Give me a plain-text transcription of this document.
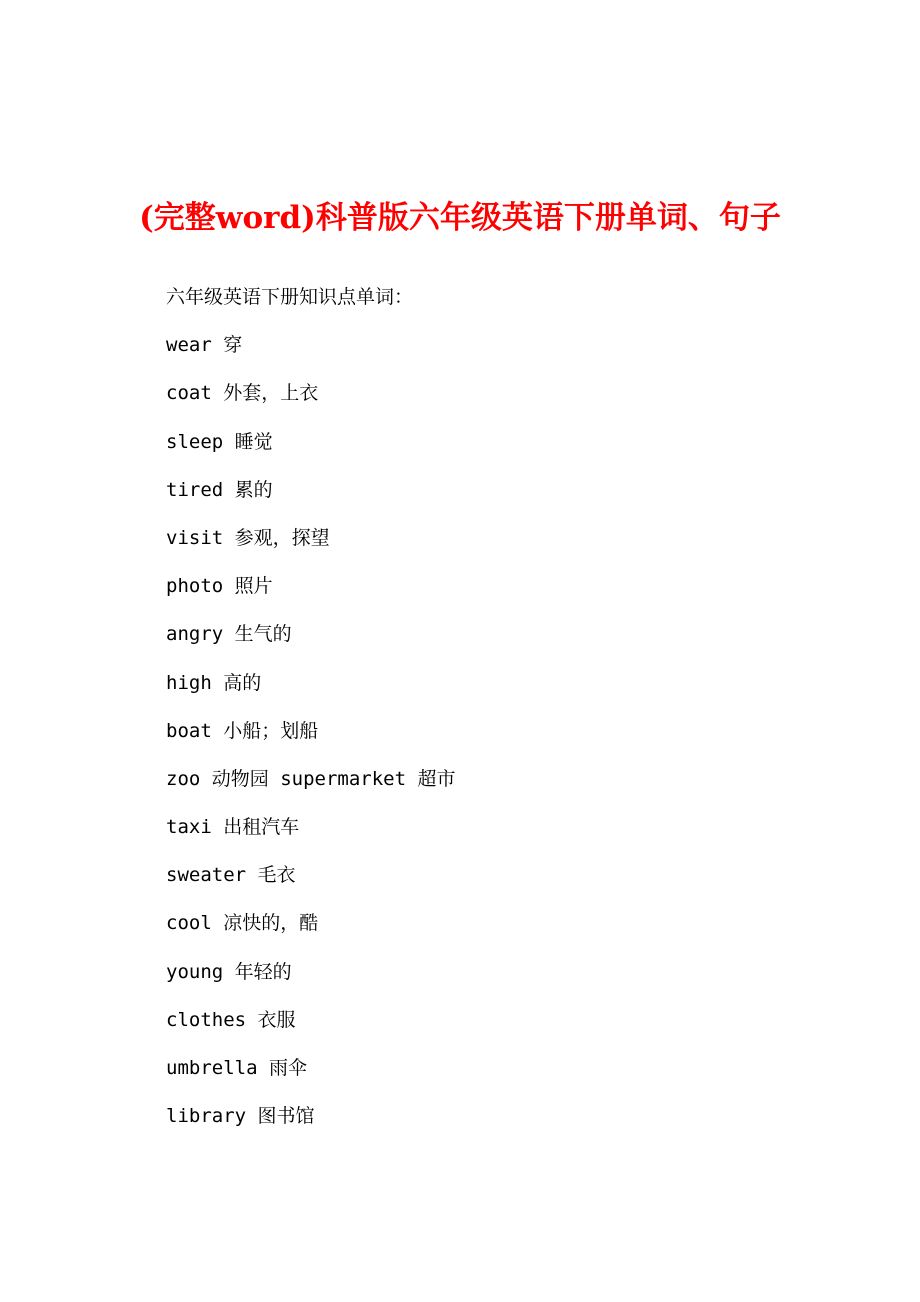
(完整word)科普版六年级英语下册单词、句子
六年级英语下册知识点单词：
wear 穿
coat 外套，上衣
sleep 睡觉
tired 累的
visit 参观，探望
photo 照片
angry 生气的
high 高的
boat 小船；划船
zoo 动物园 supermarket 超市
taxi 出租汽车
sweater 毛衣
cool 凉快的，酷
young 年轻的
clothes 衣服
umbrella 雨伞
library 图书馆
